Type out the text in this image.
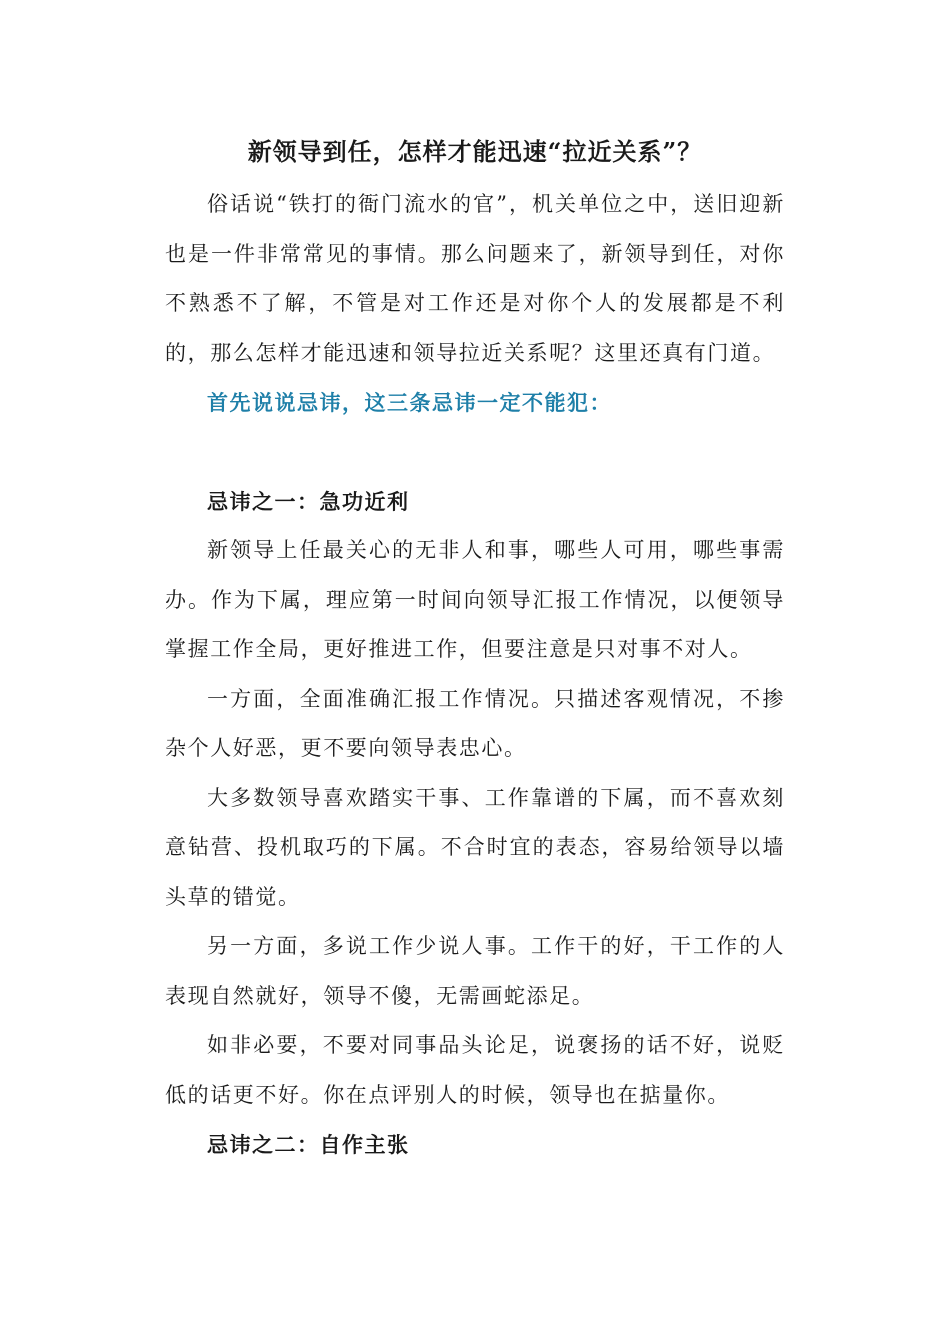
新领导到任，怎样才能迅速“拉近关系”？

俗话说“铁打的衙门流水的官”，机关单位之中，送旧迎新也是一件非常常见的事情。那么问题来了，新领导到任，对你不熟悉不了解，不管是对工作还是对你个人的发展都是不利的，那么怎样才能迅速和领导拉近关系呢？这里还真有门道。

首先说说忌讳，这三条忌讳一定不能犯：

忌讳之一：急功近利

新领导上任最关心的无非人和事，哪些人可用，哪些事需办。作为下属，理应第一时间向领导汇报工作情况，以便领导掌握工作全局，更好推进工作，但要注意是只对事不对人。

一方面，全面准确汇报工作情况。只描述客观情况，不掺杂个人好恶，更不要向领导表忠心。

大多数领导喜欢踏实干事、工作靠谱的下属，而不喜欢刻意钻营、投机取巧的下属。不合时宜的表态，容易给领导以墙头草的错觉。

另一方面，多说工作少说人事。工作干的好，干工作的人表现自然就好，领导不傻，无需画蛇添足。

如非必要，不要对同事品头论足，说褒扬的话不好，说贬低的话更不好。你在点评别人的时候，领导也在掂量你。

忌讳之二：自作主张
